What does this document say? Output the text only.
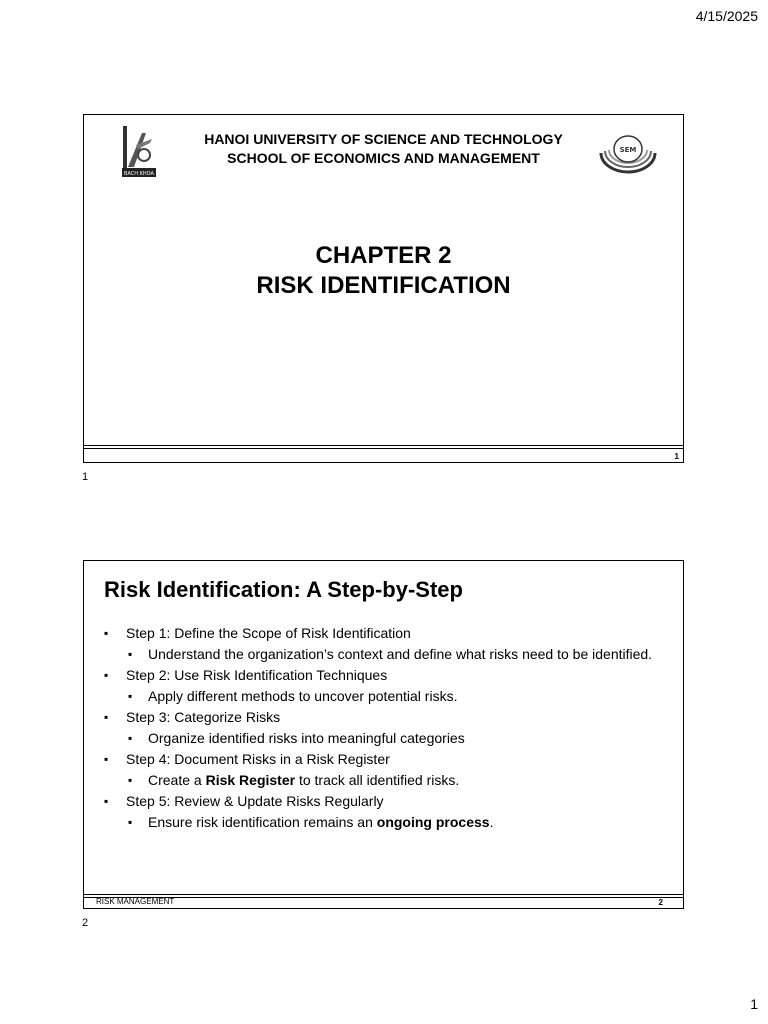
4/15/2025
BACH KHOA
HANOI UNIVERSITY OF SCIENCE AND TECHNOLOGY
SCHOOL OF ECONOMICS AND MANAGEMENT	SEM
CHAPTER 2
RISK IDENTIFICATION
1
1
Risk Identification: A Step-by-Step
▪ Step 1: Define the Scope of Risk Identification
▪ Understand the organization’s context and define what risks need to be identified.
▪ Step 2: Use Risk Identification Techniques
▪ Apply different methods to uncover potential risks.
▪ Step 3: Categorize Risks
▪ Organize identified risks into meaningful categories
▪ Step 4: Document Risks in a Risk Register
▪ Create a Risk Register to track all identified risks.
▪ Step 5: Review & Update Risks Regularly
▪ Ensure risk identification remains an ongoing process.
RISK MANAGEMENT	2
2
1
